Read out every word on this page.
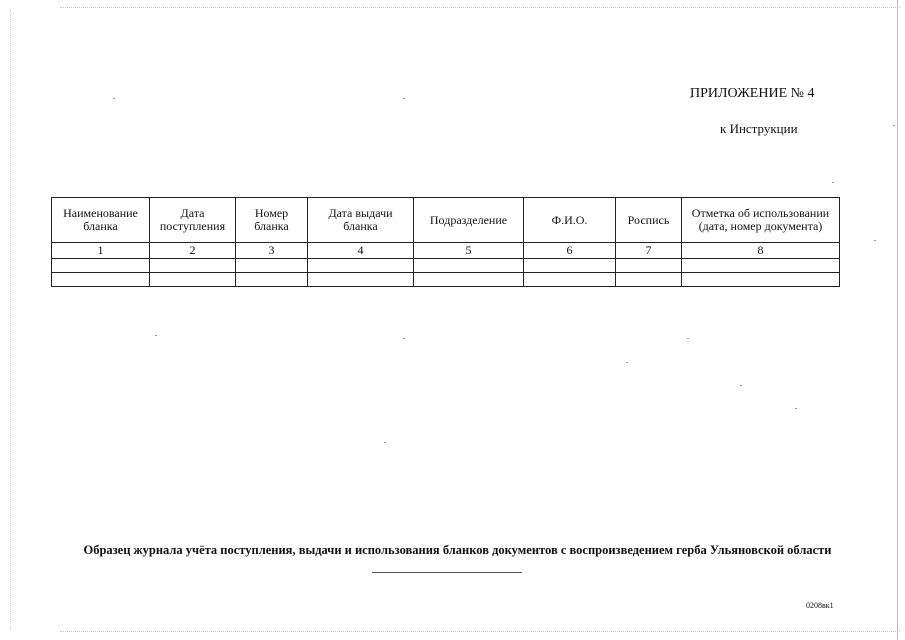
ПРИЛОЖЕНИЕ № 4
к Инструкции
Наименование бланка	Дата поступления	Номер бланка	Дата выдачи бланка	Подразделение	Ф.И.О.	Роспись	Отметка об использовании (дата, номер документа)
1	2	3	4	5	6	7	8

Образец журнала учёта поступления, выдачи и использования бланков документов с воспроизведением герба Ульяновской области
0208вк1
